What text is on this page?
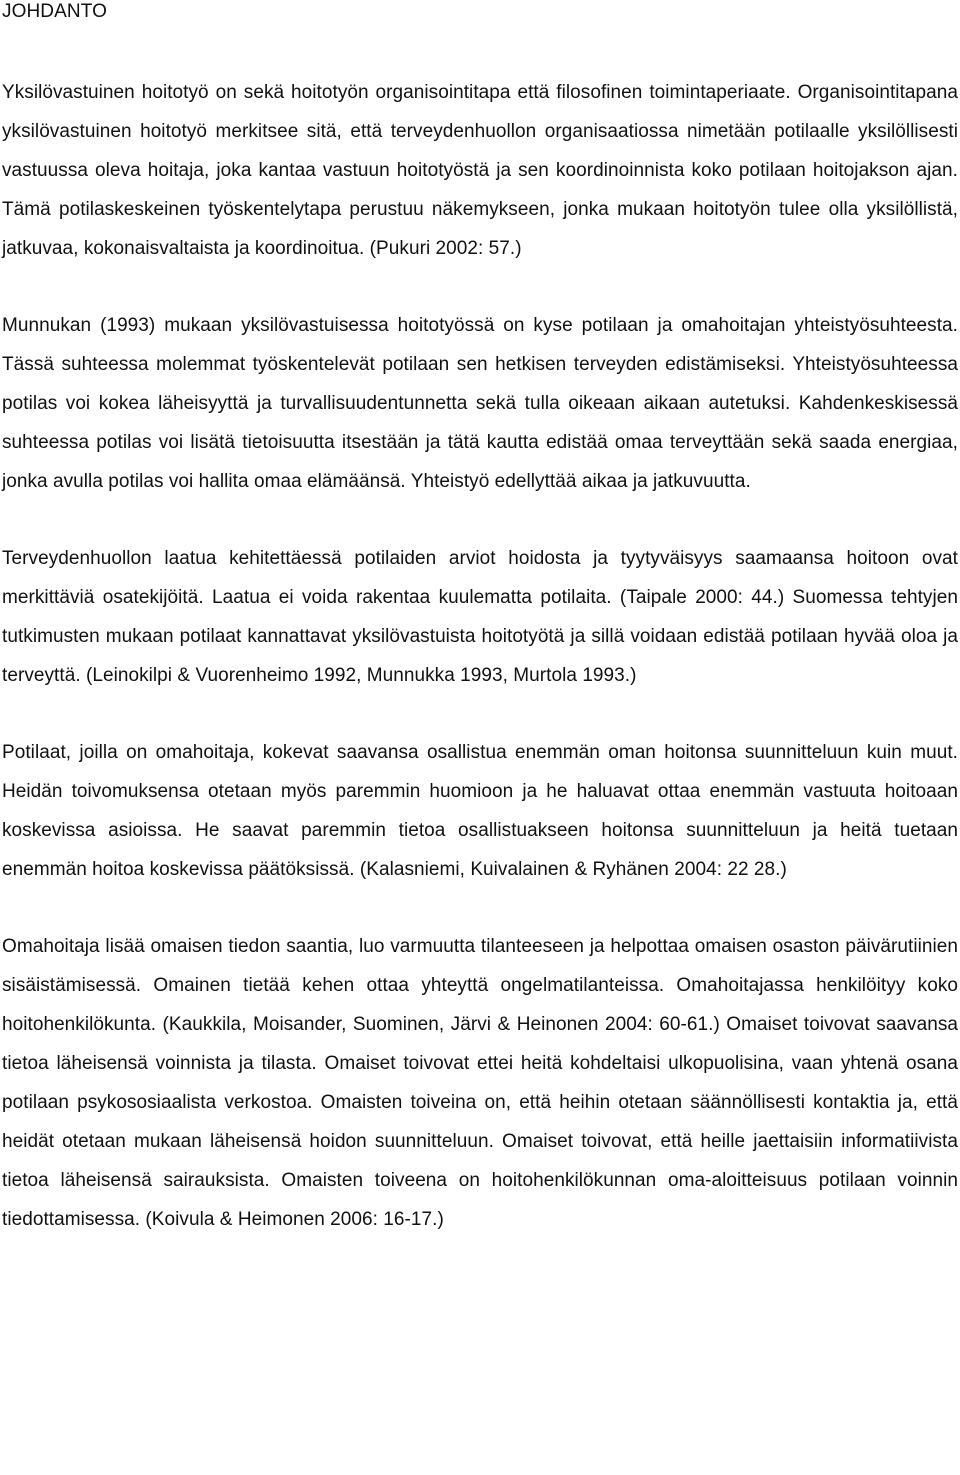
JOHDANTO

Yksilövastuinen hoitotyö on sekä hoitotyön organisointitapa että filosofinen toimintaperiaate. Organisointitapana yksilövastuinen hoitotyö merkitsee sitä, että terveydenhuollon organisaatiossa nimetään potilaalle yksilöllisesti vastuussa oleva hoitaja, joka kantaa vastuun hoitotyöstä ja sen koordinoinnista koko potilaan hoitojakson ajan. Tämä potilaskeskeinen työskentelytapa perustuu näkemykseen, jonka mukaan hoitotyön tulee olla yksilöllistä, jatkuvaa, kokonaisvaltaista ja koordinoitua. (Pukuri 2002: 57.)

Munnukan (1993) mukaan yksilövastuisessa hoitotyössä on kyse potilaan ja omahoitajan yhteistyösuhteesta. Tässä suhteessa molemmat työskentelevät potilaan sen hetkisen terveyden edistämiseksi. Yhteistyösuhteessa potilas voi kokea läheisyyttä ja turvallisuudentunnetta sekä tulla oikeaan aikaan autetuksi. Kahdenkeskisessä suhteessa potilas voi lisätä tietoisuutta itsestään ja tätä kautta edistää omaa terveyttään sekä saada energiaa, jonka avulla potilas voi hallita omaa elämäänsä. Yhteistyö edellyttää aikaa ja jatkuvuutta.

Terveydenhuollon laatua kehitettäessä potilaiden arviot hoidosta ja tyytyväisyys saamaansa hoitoon ovat merkittäviä osatekijöitä. Laatua ei voida rakentaa kuulematta potilaita. (Taipale 2000: 44.) Suomessa tehtyjen tutkimusten mukaan potilaat kannattavat yksilövastuista hoitotyötä ja sillä voidaan edistää potilaan hyvää oloa ja terveyttä. (Leinokilpi & Vuorenheimo 1992, Munnukka 1993, Murtola 1993.)

Potilaat, joilla on omahoitaja, kokevat saavansa osallistua enemmän oman hoitonsa suunnitteluun kuin muut. Heidän toivomuksensa otetaan myös paremmin huomioon ja he haluavat ottaa enemmän vastuuta hoitoaan koskevissa asioissa. He saavat paremmin tietoa osallistuakseen hoitonsa suunnitteluun ja heitä tuetaan enemmän hoitoa koskevissa päätöksissä. (Kalasniemi, Kuivalainen & Ryhänen 2004: 22 28.)

Omahoitaja lisää omaisen tiedon saantia, luo varmuutta tilanteeseen ja helpottaa omaisen osaston päivärutiinien sisäistämisessä. Omainen tietää kehen ottaa yhteyttä ongelmatilanteissa. Omahoitajassa henkilöityy koko hoitohenkilökunta. (Kaukkila, Moisander, Suominen, Järvi & Heinonen 2004: 60-61.) Omaiset toivovat saavansa tietoa läheisensä voinnista ja tilasta. Omaiset toivovat ettei heitä kohdeltaisi ulkopuolisina, vaan yhtenä osana potilaan psykososiaalista verkostoa. Omaisten toiveina on, että heihin otetaan säännöllisesti kontaktia ja, että heidät otetaan mukaan läheisensä hoidon suunnitteluun. Omaiset toivovat, että heille jaettaisiin informatiivista tietoa läheisensä sairauksista. Omaisten toiveena on hoitohenkilökunnan oma-aloitteisuus potilaan voinnin tiedottamisessa. (Koivula & Heimonen 2006: 16-17.)
